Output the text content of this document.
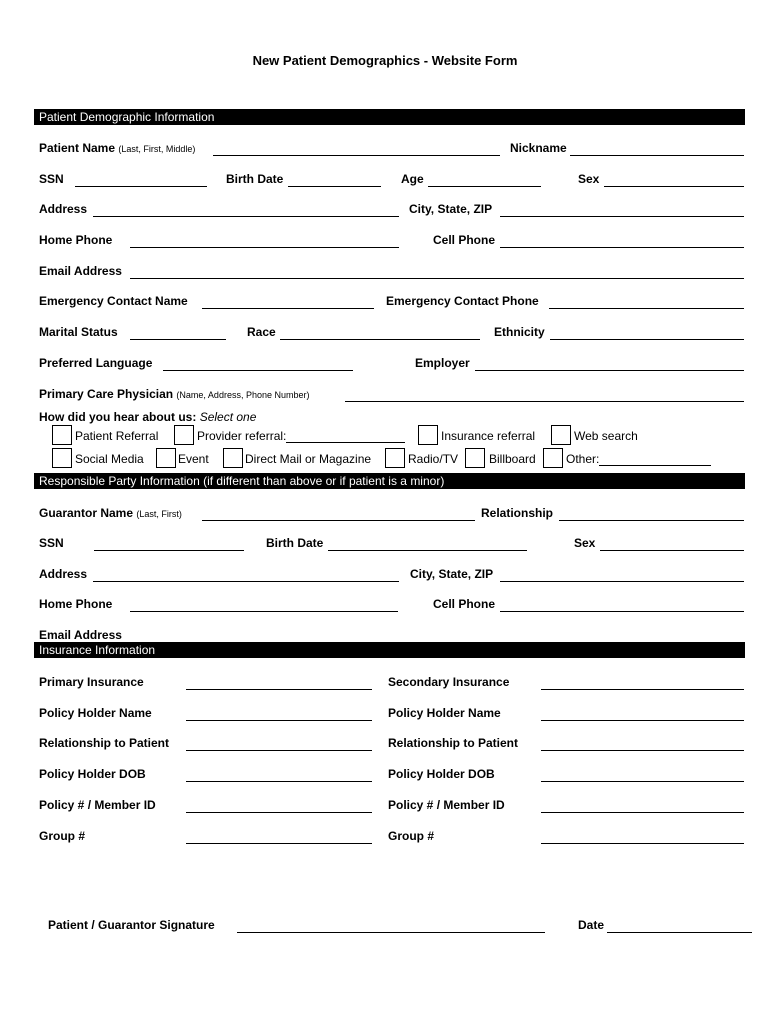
New Patient Demographics - Website Form
Patient Demographic Information
Patient Name (Last, First, Middle)	Nickname
SSN	Birth Date	Age	Sex
Address	City, State, ZIP
Home Phone	Cell Phone
Email Address
Emergency Contact Name	Emergency Contact Phone
Marital Status	Race	Ethnicity
Preferred Language	Employer
Primary Care Physician (Name, Address, Phone Number)
How did you hear about us: Select one
Patient Referral	Provider referral:	Insurance referral	Web search
Social Media	Event	Direct Mail or Magazine	Radio/TV	Billboard	Other:
Responsible Party Information (if different than above or if patient is a minor)
Guarantor Name (Last, First)	Relationship
SSN	Birth Date	Sex
Address	City, State, ZIP
Home Phone	Cell Phone
Email Address
Insurance Information
Primary Insurance	Secondary Insurance
Policy Holder Name	Policy Holder Name
Relationship to Patient	Relationship to Patient
Policy Holder DOB	Policy Holder DOB
Policy # / Member ID	Policy # / Member ID
Group #	Group #
Patient / Guarantor Signature	Date
